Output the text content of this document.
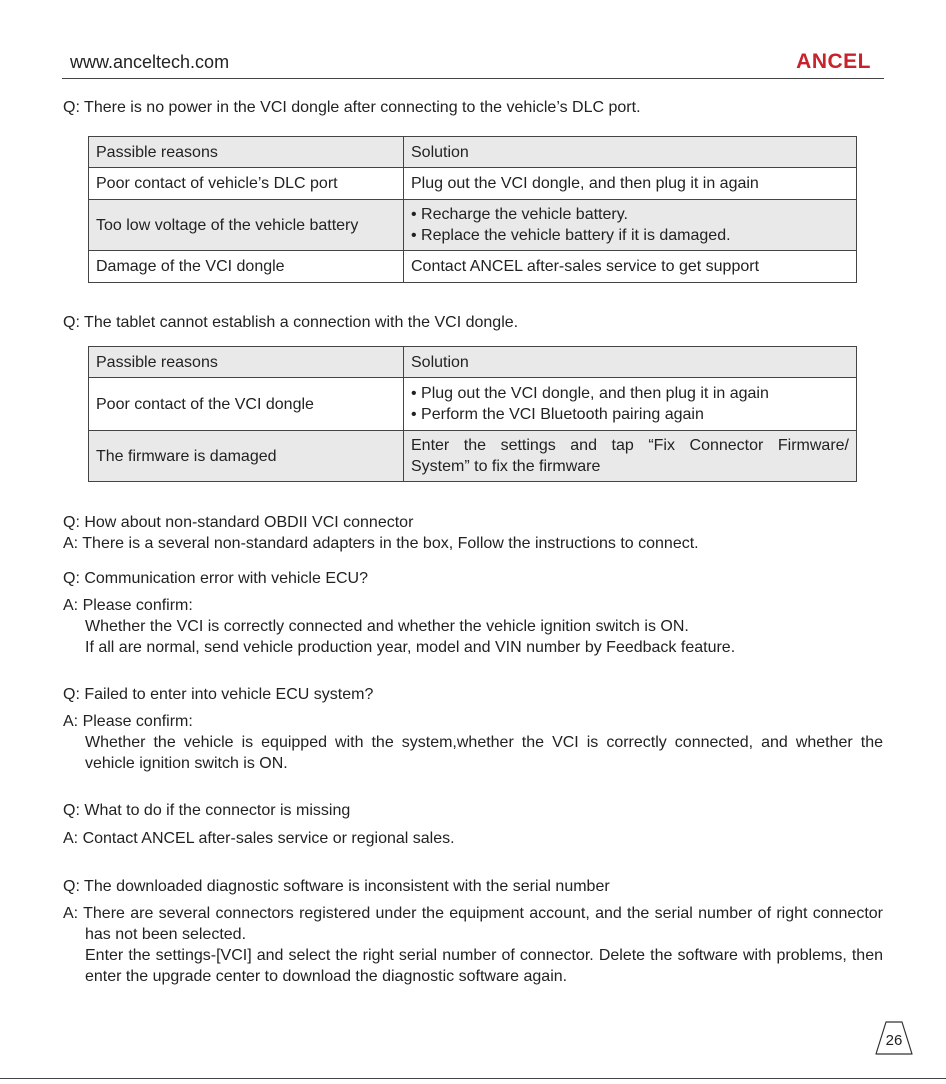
www.anceltech.com	ANCEL
Q: There is no power in the VCI dongle after connecting to the vehicle’s DLC port.
Passible reasons	Solution
Poor contact of vehicle’s DLC port	Plug out the VCI dongle, and then plug it in again

Too low voltage of the vehicle battery	• Recharge the vehicle battery.
• Replace the vehicle battery if it is damaged.

Damage of the VCI dongle	Contact ANCEL after-sales service to get support
Q: The tablet cannot establish a connection with the VCI dongle.
Passible reasons	Solution
Poor contact of the VCI dongle	• Plug out the VCI dongle, and then plug it in again
• Perform the VCI Bluetooth pairing again

The firmware is damaged	Enter the settings and tap “Fix Connector Firmware/
System” to fix the firmware
Q: How about non-standard OBDII VCI connector
A: There is a several non-standard adapters in the box, Follow the instructions to connect.
Q: Communication error with vehicle ECU?
A: Please confirm:
Whether the VCI is correctly connected and whether the vehicle ignition switch is ON.
If all are normal, send vehicle production year, model and VIN number by Feedback feature.
Q: Failed to enter into vehicle ECU system?
A: Please confirm:
Whether the vehicle is equipped with the system,whether the VCI is correctly connected, and whether the vehicle ignition switch is ON.
Q: What to do if the connector is missing
A: Contact ANCEL after-sales service or regional sales.
Q: The downloaded diagnostic software is inconsistent with the serial number
A: There are several connectors registered under the equipment account, and the serial number of right connector has not been selected.
Enter the settings-[VCI] and select the right serial number of connector. Delete the software with problems, then enter the upgrade center to download the diagnostic software again.
26
